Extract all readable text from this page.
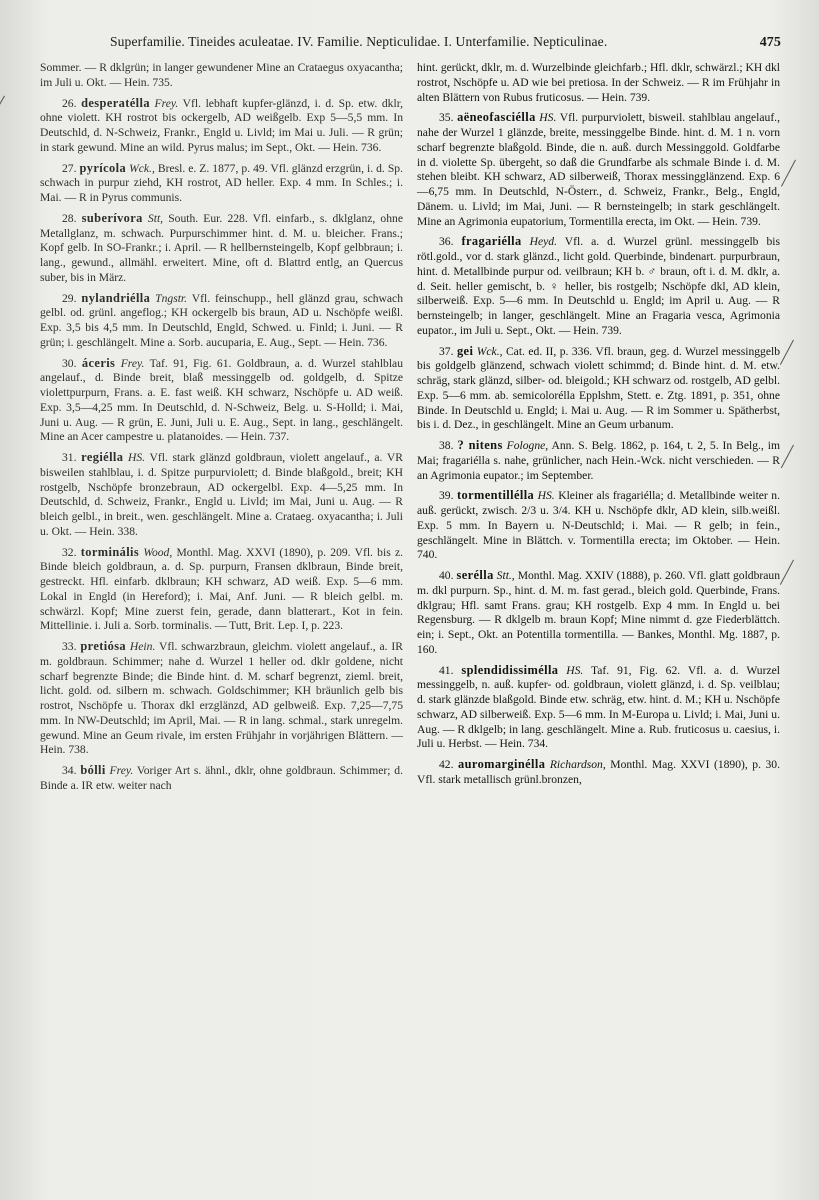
Superfamilie. Tineides aculeatae. IV. Familie. Nepticulidae. I. Unterfamilie. Nepticulinae.	475

Sommer. — R dklgrün; in langer gewundener Mine an Crataegus oxyacantha; im Juli u. Okt. — Hein. 735.

26. desperatélla Frey. Vfl. lebhaft kupfer-glänzd, i. d. Sp. etw. dklr, ohne violett. KH rostrot bis ockergelb, AD weißgelb. Exp 5—5,5 mm. In Deutschld, d. N-Schweiz, Frankr., Engld u. Livld; im Mai u. Juli. — R grün; in stark gewund. Mine an wild. Pyrus malus; im Sept., Okt. — Hein. 736.

27. pyrícola Wck., Bresl. e. Z. 1877, p. 49. Vfl. glänzd erzgrün, i. d. Sp. schwach in purpur ziehd, KH rostrot, AD heller. Exp. 4 mm. In Schles.; i. Mai. — R in Pyrus communis.

28. suberívora Stt, South. Eur. 228. Vfl. einfarb., s. dklglanz, ohne Metallglanz, m. schwach. Purpurschimmer hint. d. M. u. bleicher. Frans.; Kopf gelb. In SO-Frankr.; i. April. — R hellbernsteingelb, Kopf gelbbraun; i. lang., gewund., allmähl. erweitert. Mine, oft d. Blattrd entlg, an Quercus suber, bis in März.

29. nylandriélla Tngstr. Vfl. feinschupp., hell glänzd grau, schwach gelbl. od. grünl. angeflog.; KH ockergelb bis braun, AD u. Nschöpfe weißl. Exp. 3,5 bis 4,5 mm. In Deutschld, Engld, Schwed. u. Finld; i. Juni. — R grün; i. geschlängelt. Mine a. Sorb. aucuparia, E. Aug., Sept. — Hein. 736.

30. áceris Frey. Taf. 91, Fig. 61. Goldbraun, a. d. Wurzel stahlblau angelauf., d. Binde breit, blaß messinggelb od. goldgelb, d. Spitze violettpurpurn, Frans. a. E. fast weiß. KH schwarz, Nschöpfe u. AD weiß. Exp. 3,5—4,25 mm. In Deutschld, d. N-Schweiz, Belg. u. S-Holld; i. Mai, Juni u. Aug. — R grün, E. Juni, Juli u. E. Aug., Sept. in lang., geschlängelt. Mine an Acer campestre u. platanoides. — Hein. 737.

31. regiélla HS. Vfl. stark glänzd goldbraun, violett angelauf., a. VR bisweilen stahlblau, i. d. Spitze purpurviolett; d. Binde blaßgold., breit; KH rostgelb, Nschöpfe bronzebraun, AD ockergelbl. Exp. 4—5,25 mm. In Deutschld, d. Schweiz, Frankr., Engld u. Livld; im Mai, Juni u. Aug. — R bleich gelbl., in breit., wen. geschlängelt. Mine a. Crataeg. oxyacantha; i. Juli u. Okt. — Hein. 338.

32. torminális Wood, Monthl. Mag. XXVI (1890), p. 209. Vfl. bis z. Binde bleich goldbraun, a. d. Sp. purpurn, Fransen dklbraun, Binde breit, gestreckt. Hfl. einfarb. dklbraun; KH schwarz, AD weiß. Exp. 5—6 mm. Lokal in Engld (in Hereford); i. Mai, Anf. Juni. — R bleich gelbl. m. schwärzl. Kopf; Mine zuerst fein, gerade, dann blatterart., Kot in fein. Mittellinie. i. Juli a. Sorb. torminalis. — Tutt, Brit. Lep. I, p. 223.

33. pretiósa Hein. Vfl. schwarzbraun, gleichm. violett angelauf., a. IR m. goldbraun. Schimmer; nahe d. Wurzel 1 heller od. dklr goldene, nicht scharf begrenzte Binde; die Binde hint. d. M. scharf begrenzt, zieml. breit, licht. gold. od. silbern m. schwach. Goldschimmer; KH bräunlich gelb bis rostrot, Nschöpfe u. Thorax dkl erzglänzd, AD gelbweiß. Exp. 7,25—7,75 mm. In NW-Deutschld; im April, Mai. — R in lang. schmal., stark unregelm. gewund. Mine an Geum rivale, im ersten Frühjahr in vorjährigen Blättern. — Hein. 738.

34. bólli Frey. Voriger Art s. ähnl., dklr, ohne goldbraun. Schimmer; d. Binde a. IR etw. weiter nach

hint. gerückt, dklr, m. d. Wurzelbinde gleichfarb.; Hfl. dklr, schwärzl.; KH dkl rostrot, Nschöpfe u. AD wie bei pretiosa. In der Schweiz. — R im Frühjahr in alten Blättern von Rubus fruticosus. — Hein. 739.

35. aëneofasciélla HS. Vfl. purpurviolett, bisweil. stahlblau angelauf., nahe der Wurzel 1 glänzde, breite, messinggelbe Binde. hint. d. M. 1 n. vorn scharf begrenzte blaßgold. Binde, die n. auß. durch Messinggold. Goldfarbe in d. violette Sp. übergeht, so daß die Grundfarbe als schmale Binde i. d. M. stehen bleibt. KH schwarz, AD silberweiß, Thorax messingglänzend. Exp. 6—6,75 mm. In Deutschld, N-Österr., d. Schweiz, Frankr., Belg., Engld, Dänem. u. Livld; im Mai, Juni. — R bernsteingelb; in stark geschlängelt. Mine an Agrimonia eupatorium, Tormentilla erecta, im Okt. — Hein. 739.

36. fragariélla Heyd. Vfl. a. d. Wurzel grünl. messinggelb bis rötl.gold., vor d. stark glänzd., licht gold. Querbinde, bindenart. purpurbraun, hint. d. Metallbinde purpur od. veilbraun; KH b. ♂ braun, oft i. d. M. dklr, a. d. Seit. heller gemischt, b. ♀ heller, bis rostgelb; Nschöpfe dkl, AD klein, silberweiß. Exp. 5—6 mm. In Deutschld u. Engld; im April u. Aug. — R bernsteingelb; in langer, geschlängelt. Mine an Fragaria vesca, Agrimonia eupator., im Juli u. Sept., Okt. — Hein. 739.

37. gei Wck., Cat. ed. II, p. 336. Vfl. braun, geg. d. Wurzel messinggelb bis goldgelb glänzend, schwach violett schimmd; d. Binde hint. d. M. etw. schräg, stark glänzd, silber- od. bleigold.; KH schwarz od. rostgelb, AD gelbl. Exp. 5—6 mm. ab. semicolorélla Epplshm, Stett. e. Ztg. 1891, p. 351, ohne Binde. In Deutschld u. Engld; i. Mai u. Aug. — R im Sommer u. Spätherbst, bis i. d. Dez., in geschlängelt. Mine an Geum urbanum.

38. ? nitens Fologne, Ann. S. Belg. 1862, p. 164, t. 2, 5. In Belg., im Mai; fragariélla s. nahe, grünlicher, nach Hein.-Wck. nicht verschieden. — R an Agrimonia eupator.; im September.

39. tormentillélla HS. Kleiner als fragariélla; d. Metallbinde weiter n. auß. gerückt, zwisch. 2/3 u. 3/4. KH u. Nschöpfe dklr, AD klein, silb.weißl. Exp. 5 mm. In Bayern u. N-Deutschld; i. Mai. — R gelb; in fein., geschlängelt. Mine in Blättch. v. Tormentilla erecta; im Oktober. — Hein. 740.

40. serélla Stt., Monthl. Mag. XXIV (1888), p. 260. Vfl. glatt goldbraun m. dkl purpurn. Sp., hint. d. M. m. fast gerad., bleich gold. Querbinde, Frans. dklgrau; Hfl. samt Frans. grau; KH rostgelb. Exp 4 mm. In Engld u. bei Regensburg. — R dklgelb m. braun Kopf; Mine nimmt d. gze Fiederblättch. ein; i. Sept., Okt. an Potentilla tormentilla. — Bankes, Monthl. Mg. 1887, p. 160.

41. splendidissimélla HS. Taf. 91, Fig. 62. Vfl. a. d. Wurzel messinggelb, n. auß. kupfer- od. goldbraun, violett glänzd, i. d. Sp. veilblau; d. stark glänzde blaßgold. Binde etw. schräg, etw. hint. d. M.; KH u. Nschöpfe schwarz, AD silberweiß. Exp. 5—6 mm. In M-Europa u. Livld; i. Mai, Juni u. Aug. — R dklgelb; in lang. geschlängelt. Mine a. Rub. fruticosus u. caesius, i. Juli u. Herbst. — Hein. 734.

42. auromarginélla Richardson, Monthl. Mag. XXVI (1890), p. 30. Vfl. stark metallisch grünl.bronzen,
